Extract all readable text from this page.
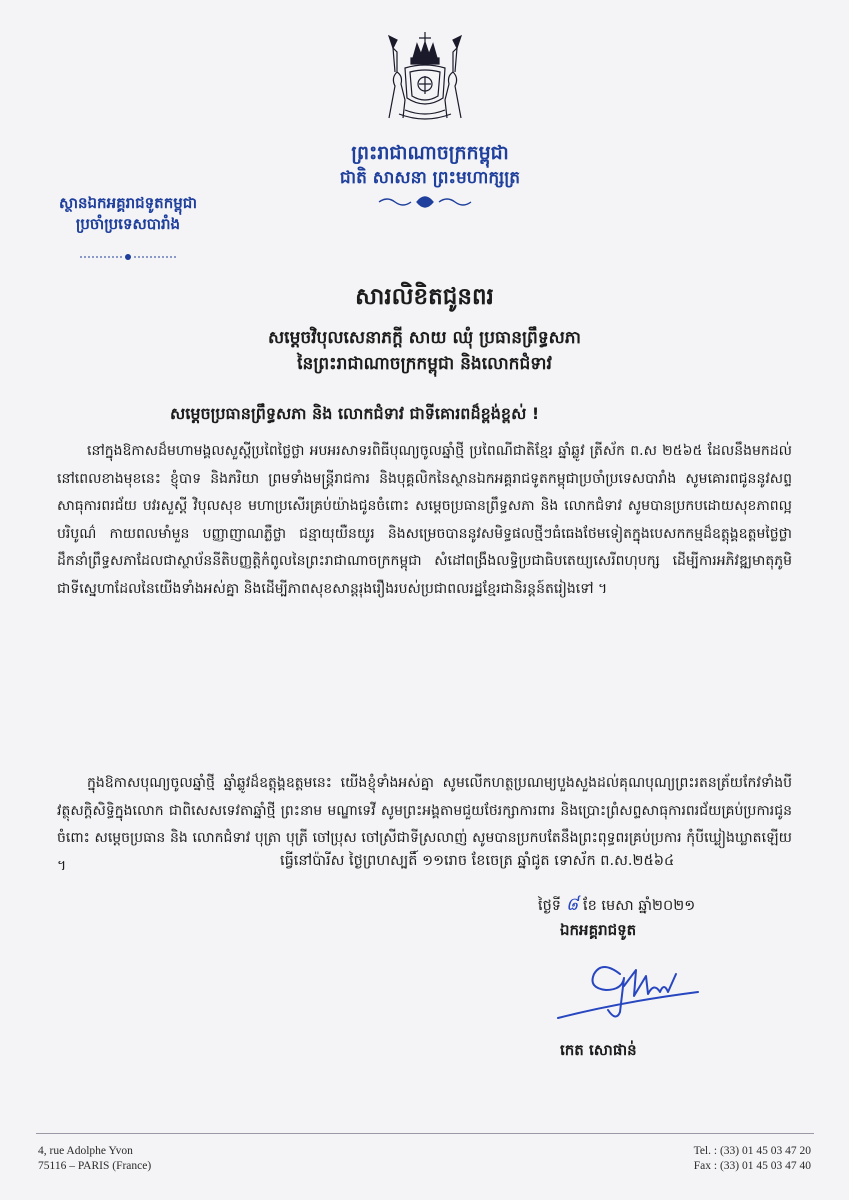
ព្រះរាជាណាចក្រកម្ពុជា
ជាតិ សាសនា ព្រះមហាក្សត្រ
ស្ថានឯកអគ្គរាជទូតកម្ពុជា
ប្រចាំប្រទេសបារាំង
សារលិខិតជូនពរ
សម្តេចវិបុលសេនាភក្តី សាយ ឈុំ ប្រធានព្រឹទ្ធសភា
នៃព្រះរាជាណាចក្រកម្ពុជា និងលោកជំទាវ
សម្តេចប្រធានព្រឹទ្ធសភា និង លោកជំទាវ ជាទីគោរពដ៏ខ្ពង់ខ្ពស់ !
នៅក្នុងឱកាសដ៏មហាមង្គលសួស្តីប្រពៃថ្លៃថ្លា អបអរសាទរពិធីបុណ្យចូលឆ្នាំថ្មី ប្រពៃណីជាតិខ្មែរ ឆ្នាំឆ្លូវ ត្រីស័ក ព.ស ២៥៦៥ ដែលនឹងមកដល់នៅពេលខាងមុខនេះ ខ្ញុំបាទ និងភរិយា ព្រមទាំងមន្ត្រីរាជការ និងបុគ្គលិកនៃស្ថានឯកអគ្គរាជទូតកម្ពុជាប្រចាំប្រទេសបារាំង សូមគោរពជូននូវសព្ទសាធុការពរជ័យ បវរសួស្តី វិបុលសុខ មហាប្រសើរគ្រប់យ៉ាងជូនចំពោះ សម្តេចប្រធានព្រឹទ្ធសភា និង លោកជំទាវ សូមបានប្រកបដោយសុខភាពល្អ បរិបូណ៌ កាយពលមាំមួន បញ្ញាញាណភ្លឺថ្លា ជន្មាយុយឺនយូរ និងសម្រេចបាននូវសមិទ្ធផលថ្មីៗធំធេងថែមទៀតក្នុងបេសកកម្មដ៏ឧត្តុង្គឧត្តមថ្លៃថ្លា ដឹកនាំព្រឹទ្ធសភាដែលជាស្ថាប័ននីតិបញ្ញត្តិកំពូលនៃព្រះរាជាណាចក្រកម្ពុជា សំដៅពង្រឹងលទ្ធិប្រជាធិបតេយ្យសេរីពហុបក្ស ដើម្បីការអភិវឌ្ឍមាតុភូមិជាទីស្នេហាដែលនៃយើងទាំងអស់គ្នា និងដើម្បីភាពសុខសាន្តរុងរឿងរបស់ប្រជាពលរដ្ឋខ្មែរជានិរន្តន៍តរៀងទៅ ។
ក្នុងឱកាសបុណ្យចូលឆ្នាំថ្មី ឆ្នាំឆ្លូវដ៏ឧត្តុង្គឧត្តមនេះ យើងខ្ញុំទាំងអស់គ្នា សូមលើកហត្ថប្រណម្យបួងសួងដល់គុណបុណ្យព្រះរតនត្រ័យកែវទាំងបី វត្ថុសក្តិសិទ្ធិក្នុងលោក ជាពិសេសទេវតាឆ្នាំថ្មី ព្រះនាម មណ្ឌាទេវី សូមព្រះអង្គតាមជួយថែរក្សាការពារ និងប្រោះព្រំសព្ទសាធុការពរជ័យគ្រប់ប្រការជូនចំពោះ សម្តេចប្រធាន និង លោកជំទាវ បុត្រា បុត្រី ចៅប្រុស ចៅស្រីជាទីស្រលាញ់ សូមបានប្រកបតែនឹងព្រះពុទ្ធពរគ្រប់ប្រការ កុំបីឃ្លៀងឃ្លាតឡើយ ។	ធ្វើនៅប៉ារីស ថ្ងៃព្រហស្បតិ៍ ១១រោច ខែចេត្រ ឆ្នាំជូត ទោស័ក ព.ស.២៥៦៤
ថ្ងៃទី ៨ ខែ មេសា ឆ្នាំ២០២១
ឯកអគ្គរាជទូត
កេត សោផាន់
4, rue Adolphe Yvon
75116 – PARIS (France)
Tel. : (33) 01 45 03 47 20
Fax : (33) 01 45 03 47 40
